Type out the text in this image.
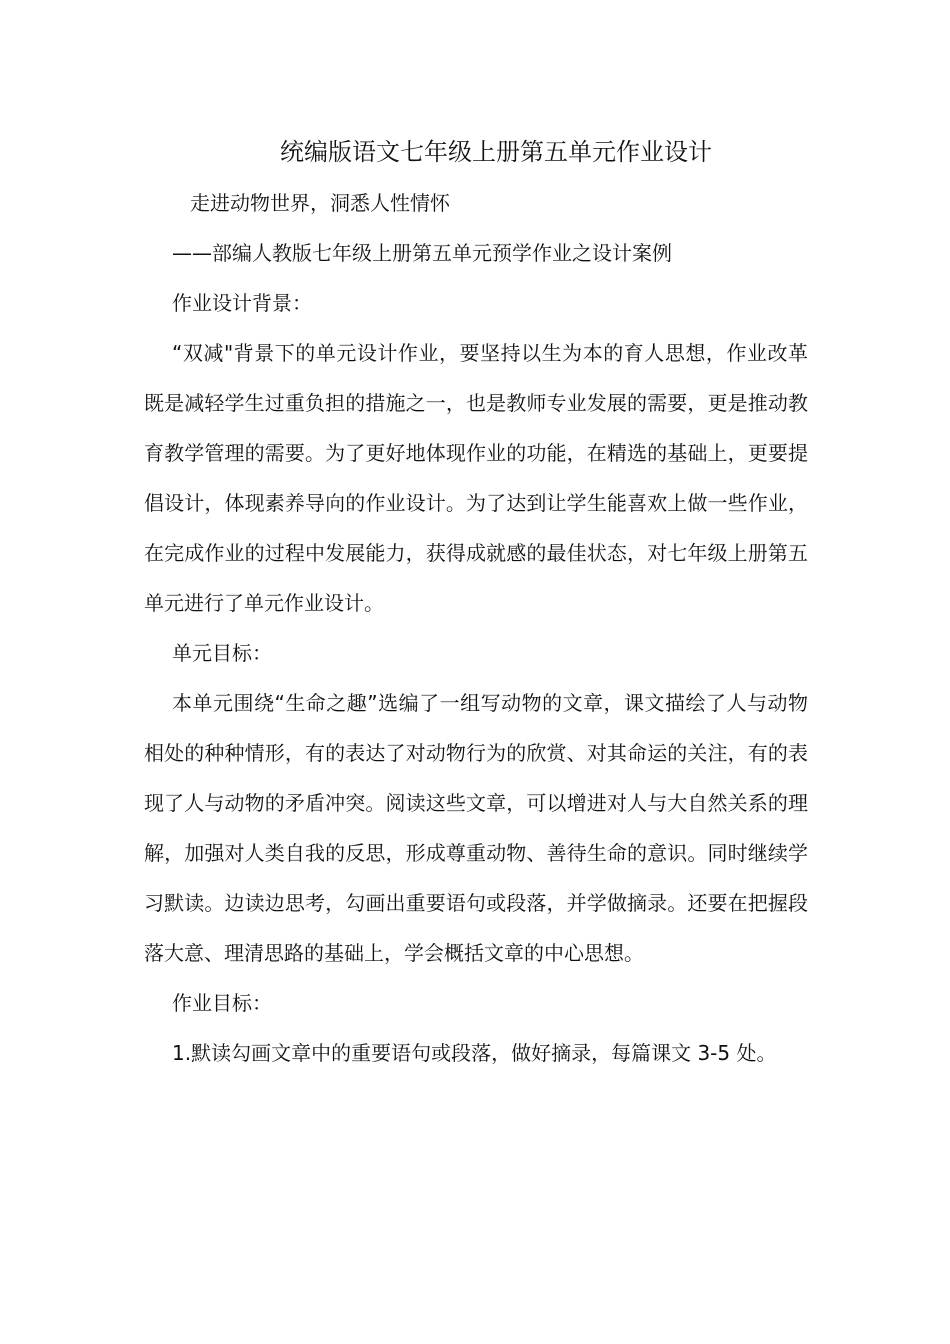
统编版语文七年级上册第五单元作业设计

走进动物世界，洞悉人性情怀

——部编人教版七年级上册第五单元预学作业之设计案例

作业设计背景：

“双减"背景下的单元设计作业，要坚持以生为本的育人思想，作业改革既是减轻学生过重负担的措施之一，也是教师专业发展的需要，更是推动教育教学管理的需要。为了更好地体现作业的功能，在精选的基础上，更要提倡设计，体现素养导向的作业设计。为了达到让学生能喜欢上做一些作业，在完成作业的过程中发展能力，获得成就感的最佳状态，对七年级上册第五单元进行了单元作业设计。

单元目标：

本单元围绕“生命之趣”选编了一组写动物的文章，课文描绘了人与动物相处的种种情形，有的表达了对动物行为的欣赏、对其命运的关注，有的表现了人与动物的矛盾冲突。阅读这些文章，可以增进对人与大自然关系的理解，加强对人类自我的反思，形成尊重动物、善待生命的意识。同时继续学习默读。边读边思考，勾画出重要语句或段落，并学做摘录。还要在把握段落大意、理清思路的基础上，学会概括文章的中心思想。

作业目标：

1.默读勾画文章中的重要语句或段落，做好摘录，每篇课文 3-5 处。
